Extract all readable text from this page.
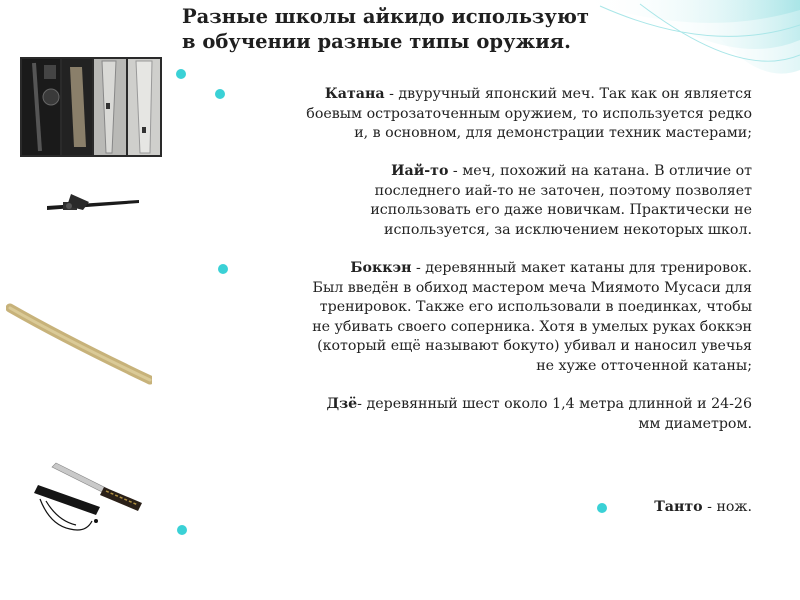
Разные школы айкидо используют
в обучении разные типы оружия.
Катана - двуручный японский меч. Так как он является
боевым острозаточенным оружием, то используется редко
и, в основном, для демонстрации техник мастерами;
Иай-то - меч, похожий на катана. В отличие от
последнего иай-то не заточен, поэтому позволяет
использовать его даже новичкам. Практически не
используется, за исключением некоторых школ.
Боккэн - деревянный макет катаны для тренировок.
Был введён в обиход мастером меча Миямото Мусаси для
тренировок. Также его использовали в поединках, чтобы
не убивать своего соперника. Хотя в умелых руках боккэн
(который ещё называют бокуто) убивал и наносил увечья
не хуже отточенной катаны;
Дзё- деревянный шест около 1,4 метра длинной и 24-26
мм диаметром.
Танто - нож.
